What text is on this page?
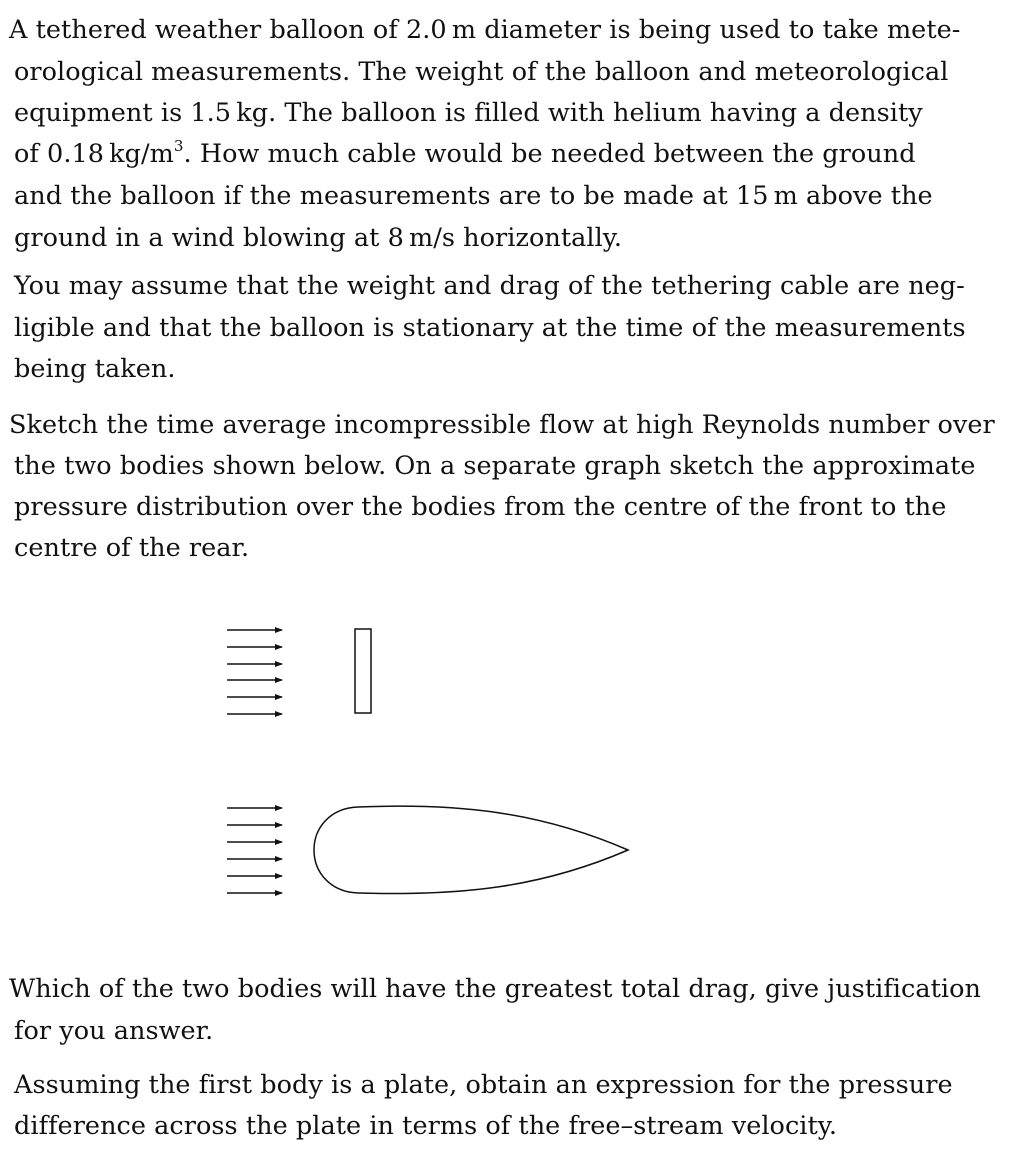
A tethered weather balloon of 2.0 m diameter is being used to take mete-
orological measurements. The weight of the balloon and meteorological
equipment is 1.5 kg. The balloon is filled with helium having a density
of 0.18 $kg/m^3$. How much cable would be needed between the ground
and the balloon if the measurements are to be made at 15 m above the
ground in a wind blowing at 8 m/s horizontally.
You may assume that the weight and drag of the tethering cable are neg-
ligible and that the balloon is stationary at the time of the measurements
being taken.
Sketch the time average incompressible flow at high Reynolds number over
the two bodies shown below. On a separate graph sketch the approximate
pressure distribution over the bodies from the centre of the front to the
centre of the rear.
Which of the two bodies will have the greatest total drag, give justification
for you answer.
Assuming the first body is a plate, obtain an expression for the pressure
difference across the plate in terms of the free–stream velocity.
